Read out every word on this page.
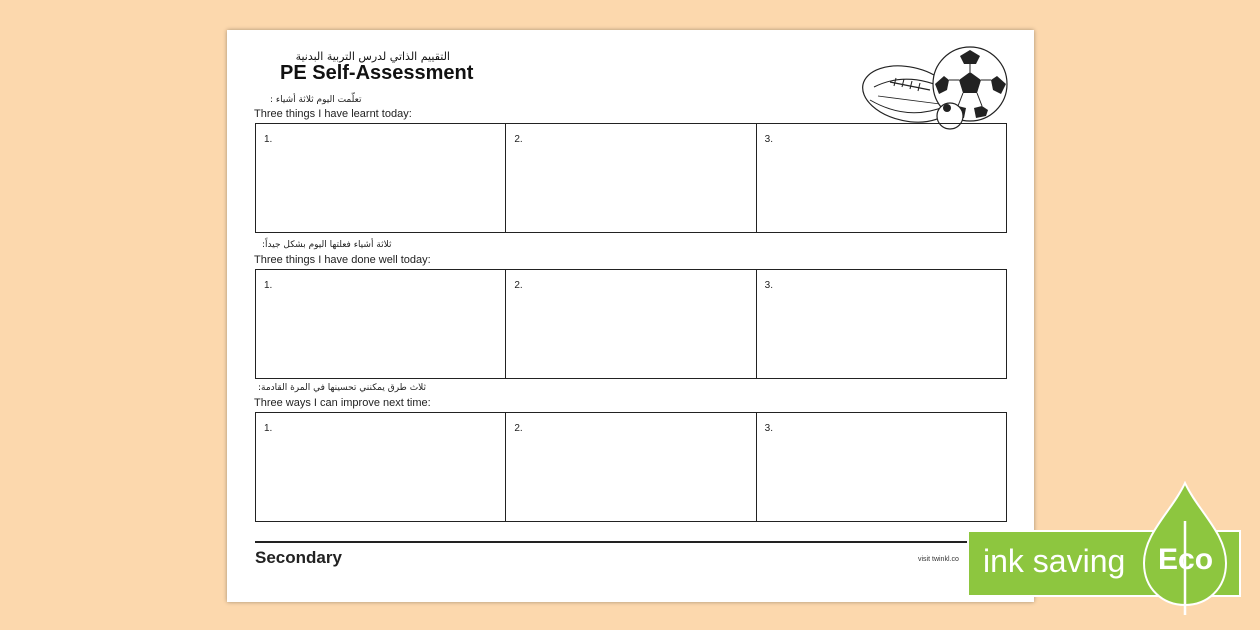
التقييم الذاتي لدرس التربية البدنية
PE Self-Assessment
تعلّمت اليوم ثلاثة أشياء :
Three things I have learnt today:
1.	2.	3.
ثلاثة أشياء فعلتها اليوم بشكل جيداً:
Three things I have done well today:
1.	2.	3.
ثلاث طرق يمكنني تحسينها في المرة القادمة:
Three ways I can improve next time:
1.	2.	3.
Secondary	visit twinkl.co ink saving Eco
